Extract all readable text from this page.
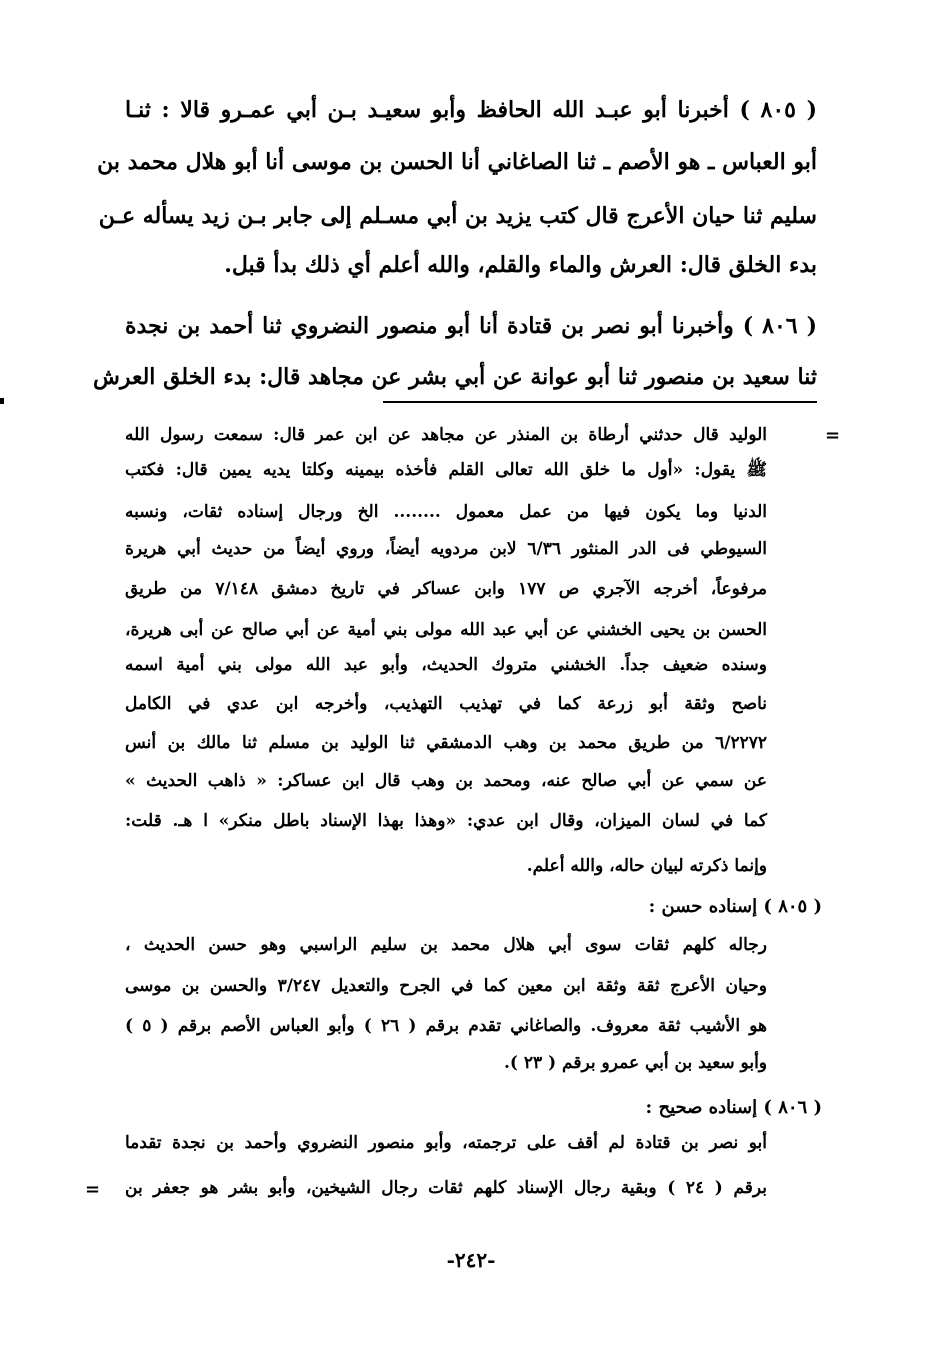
( ٨٠٥ ) أخبرنا أبو عبـد الله الحافظ وأبو سعيـد بـن أبي عمـرو قالا : ثنـا
أبو العباس ـ هو الأصم ـ ثنا الصاغاني أنا الحسن بن موسى أنا أبو هلال محمد بن
سليم ثنا حيان الأعرج قال كتب يزيد بن أبي مسـلم إلى جابر بـن زيد يسأله عـن
بدء الخلق قال: العرش والماء والقلم، والله أعلم أي ذلك بدأ قبل.
( ٨٠٦ ) وأخبرنا أبو نصر بن قتادة أنا أبو منصور النضروي ثنا أحمد بن نجدة
ثنا سعيد بن منصور ثنا أبو عوانة عن أبي بشر عن مجاهد قال: بدء الخلق العرش
=
الوليد قال حدثني أرطاة بن المنذر عن مجاهد عن ابن عمر قال: سمعت رسول الله
ﷺ يقول: «أول ما خلق الله تعالى القلم فأخذه بيمينه وكلتا يديه يمين قال: فكتب
الدنيا وما يكون فيها من عمل معمول ........ الخ ورجال إسناده ثقات، ونسبه
السيوطي فى الدر المنثور ٦/٣٦ لابن مردويه أيضاً، وروي أيضاً من حديث أبي هريرة
مرفوعاً، أخرجه الآجري ص ١٧٧ وابن عساكر في تاريخ دمشق ٧/١٤٨ من طريق
الحسن بن يحيى الخشني عن أبي عبد الله مولى بني أمية عن أبي صالح عن أبى هريرة،
وسنده ضعيف جداً. الخشني متروك الحديث، وأبو عبد الله مولى بني أمية اسمه
ناصح وثقة أبو زرعة كما في تهذيب التهذيب، وأخرجه ابن عدي في الكامل
٦/٢٢٧٢ من طريق محمد بن وهب الدمشقي ثنا الوليد بن مسلم ثنا مالك بن أنس
عن سمي عن أبي صالح عنه، ومحمد بن وهب قال ابن عساكر: « ذاهب الحديث »
كما في لسان الميزان، وقال ابن عدي: «وهذا بهذا الإسناد باطل منكر» ا هـ. قلت:
وإنما ذكرته لبيان حاله، والله أعلم.
( ٨٠٥ ) إسناده حسن :
رجاله كلهم ثقات سوى أبي هلال محمد بن سليم الراسبي وهو حسن الحديث ،
وحيان الأعرج ثقة وثقة ابن معين كما في الجرح والتعديل ٣/٢٤٧ والحسن بن موسى
هو الأشيب ثقة معروف. والصاغاني تقدم برقم ( ٢٦ ) وأبو العباس الأصم برقم ( ٥ )
وأبو سعيد بن أبي عمرو برقم ( ٢٣ ).
( ٨٠٦ ) إسناده صحيح :
أبو نصر بن قتادة لم أقف على ترجمته، وأبو منصور النضروي وأحمد بن نجدة تقدما
برقم ( ٢٤ ) وبقية رجال الإسناد كلهم ثقات رجال الشيخين، وأبو بشر هو جعفر بن
=
-٢٤٢-
